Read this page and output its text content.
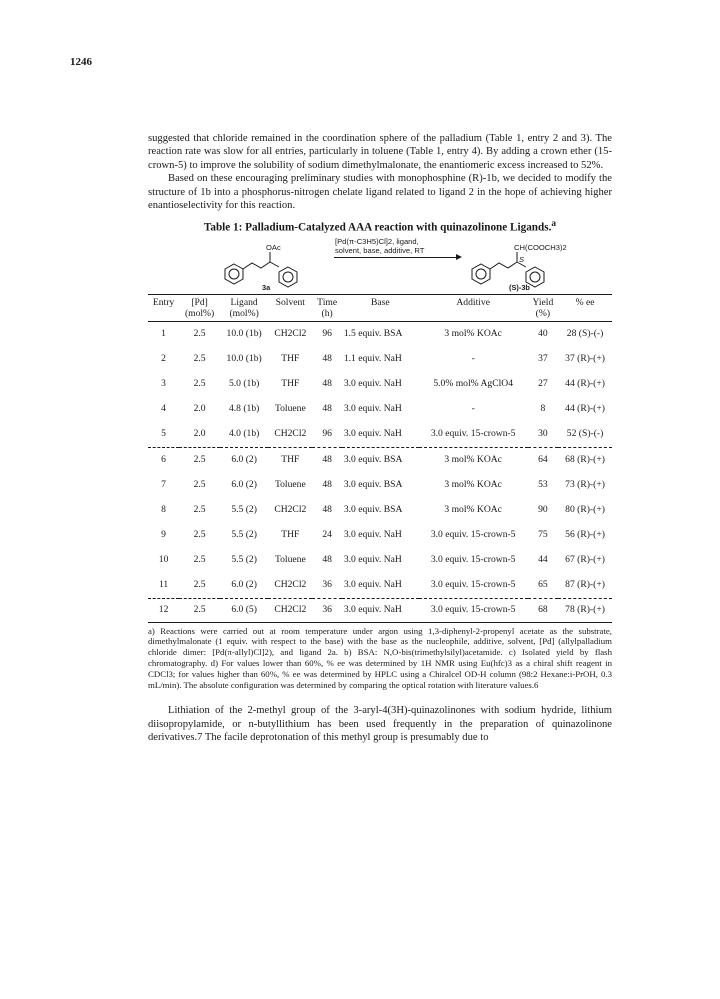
1246

suggested that chloride remained in the coordination sphere of the palladium (Table 1, entry 2 and 3). The reaction rate was slow for all entries, particularly in toluene (Table 1, entry 4). By adding a crown ether (15-crown-5) to improve the solubility of sodium dimethylmalonate, the enantiomeric excess increased to 52%.

Based on these encouraging preliminary studies with monophosphine (R)-1b, we decided to modify the structure of 1b into a phosphorus-nitrogen chelate ligand related to ligand 2 in the hope of achieving higher enantioselectivity for this reaction.

Table 1: Palladium-Catalyzed AAA reaction with quinazolinone Ligands.$^a$
OAc
3a
[Pd(π-C3H5)Cl]2, ligand,
solvent, base, additive, RT	CH(COOCH3)2
S
(S)-3b
Entry	[Pd]
(mol%)	Ligand
(mol%)	Solvent	Time
(h)	Base	Additive	Yield
(%)	% ee

1	2.5	10.0 (1b)	CH2Cl2	96	1.5 equiv. BSA	3 mol% KOAc	40	28 (S)-(-)
2	2.5	10.0 (1b)	THF	48	1.1 equiv. NaH	-	37	37 (R)-(+)
3	2.5	5.0 (1b)	THF	48	3.0 equiv. NaH	5.0% mol% AgClO4	27	44 (R)-(+)
4	2.0	4.8 (1b)	Toluene	48	3.0 equiv. NaH	-	8	44 (R)-(+)
5	2.0	4.0 (1b)	CH2Cl2	96	3.0 equiv. NaH	3.0 equiv. 15-crown-5	30	52 (S)-(-)
6	2.5	6.0 (2)	THF	48	3.0 equiv. BSA	3 mol% KOAc	64	68 (R)-(+)
7	2.5	6.0 (2)	Toluene	48	3.0 equiv. BSA	3 mol% KOAc	53	73 (R)-(+)
8	2.5	5.5 (2)	CH2Cl2	48	3.0 equiv. BSA	3 mol% KOAc	90	80 (R)-(+)
9	2.5	5.5 (2)	THF	24	3.0 equiv. NaH	3.0 equiv. 15-crown-5	75	56 (R)-(+)
10	2.5	5.5 (2)	Toluene	48	3.0 equiv. NaH	3.0 equiv. 15-crown-5	44	67 (R)-(+)
11	2.5	6.0 (2)	CH2Cl2	36	3.0 equiv. NaH	3.0 equiv. 15-crown-5	65	87 (R)-(+)
12	2.5	6.0 (5)	CH2Cl2	36	3.0 equiv. NaH	3.0 equiv. 15-crown-5	68	78 (R)-(+)

a) Reactions were carried out at room temperature under argon using 1,3-diphenyl-2-propenyl acetate as the substrate, dimethylmalonate (1 equiv. with respect to the base) with the base as the nucleophile, additive, solvent, [Pd] (allylpalladium chloride dimer: [Pd(π-allyl)Cl]2), and ligand 2a. b) BSA: N,O-bis(trimethylsilyl)acetamide. c) Isolated yield by flash chromatography. d) For values lower than 60%, % ee was determined by 1H NMR using Eu(hfc)3 as a chiral shift reagent in CDCl3; for values higher than 60%, % ee was determined by HPLC using a Chiralcel OD-H column (98:2 Hexane:i-PrOH, 0.3 mL/min). The absolute configuration was determined by comparing the optical rotation with literature values.6

Lithiation of the 2-methyl group of the 3-aryl-4(3H)-quinazolinones with sodium hydride, lithium diisopropylamide, or n-butyllithium has been used frequently in the preparation of quinazolinone derivatives.7 The facile deprotonation of this methyl group is presumably due to
